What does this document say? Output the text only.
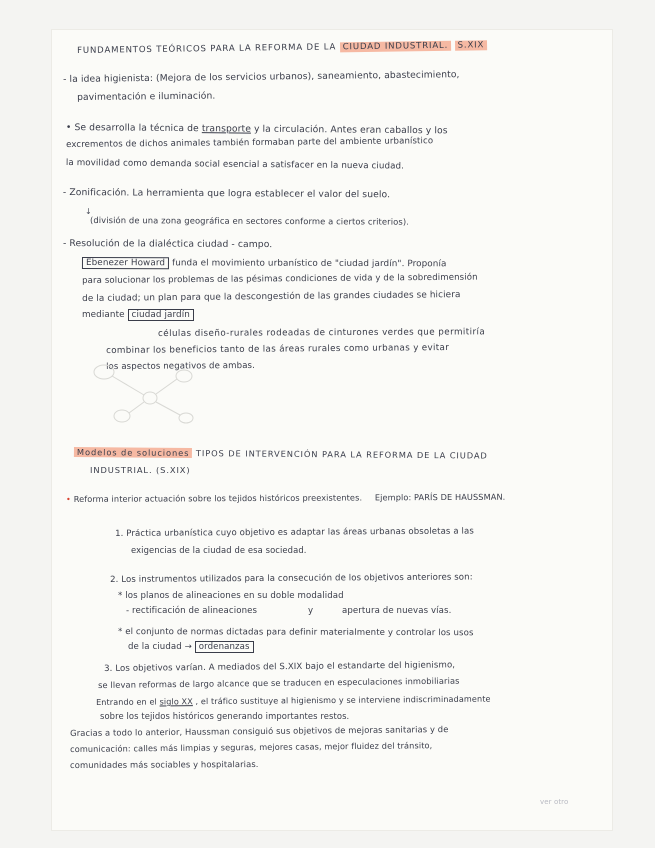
FUNDAMENTOS TEÓRICOS PARA LA REFORMA DE LA CIUDAD INDUSTRIAL. S.XIX
- la idea higienista: (Mejora de los servicios urbanos), saneamiento, abastecimiento,
pavimentación e iluminación.
• Se desarrolla la técnica de transporte y la circulación. Antes eran caballos y los
excrementos de dichos animales también formaban parte del ambiente urbanístico
la movilidad como demanda social esencial a satisfacer en la nueva ciudad.
- Zonificación. La herramienta que logra establecer el valor del suelo.
↓
(división de una zona geográfica en sectores conforme a ciertos criterios).
- Resolución de la dialéctica ciudad - campo.
Ebenezer Howard funda el movimiento urbanístico de "ciudad jardín". Proponía
para solucionar los problemas de las pésimas condiciones de vida y de la sobredimensión
de la ciudad; un plan para que la descongestión de las grandes ciudades se hiciera
mediante ciudad jardín
células diseño-rurales rodeadas de cinturones verdes que permitiría
combinar los beneficios tanto de las áreas rurales como urbanas y evitar
los aspectos negativos de ambas.
Modelos de soluciones TIPOS DE INTERVENCIÓN PARA LA REFORMA DE LA CIUDAD
INDUSTRIAL. (S.XIX)
• Reforma interior actuación sobre los tejidos históricos preexistentes. Ejemplo: PARÍS DE HAUSSMAN.
1. Práctica urbanística cuyo objetivo es adaptar las áreas urbanas obsoletas a las
exigencias de la ciudad de esa sociedad.
2. Los instrumentos utilizados para la consecución de los objetivos anteriores son:
* los planos de alineaciones en su doble modalidad
- rectificación de alineaciones	y	apertura de nuevas vías.
* el conjunto de normas dictadas para definir materialmente y controlar los usos
de la ciudad → ordenanzas
3. Los objetivos varían. A mediados del S.XIX bajo el estandarte del higienismo,
se llevan reformas de largo alcance que se traducen en especulaciones inmobiliarias
Entrando en el siglo XX , el tráfico sustituye al higienismo y se interviene indiscriminadamente
sobre los tejidos históricos generando importantes restos.
Gracias a todo lo anterior, Haussman consiguió sus objetivos de mejoras sanitarias y de
comunicación: calles más limpias y seguras, mejores casas, mejor fluidez del tránsito,
comunidades más sociables y hospitalarias.
ver otro
